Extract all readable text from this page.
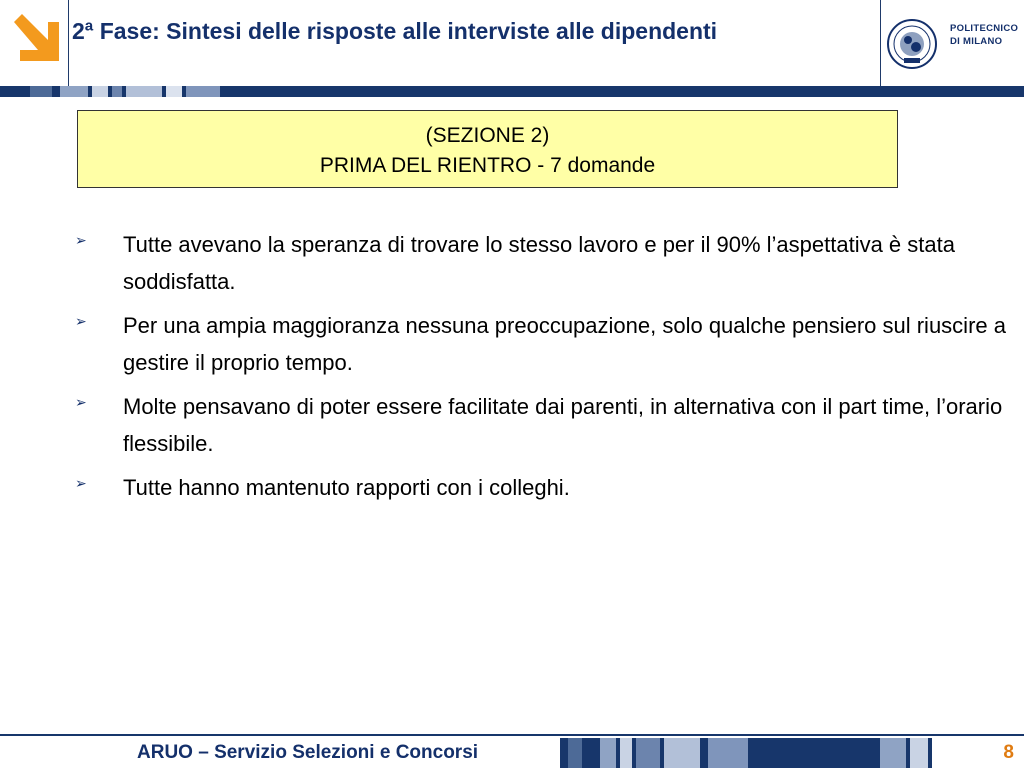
2ª Fase: Sintesi delle risposte alle interviste alle dipendenti	POLITECNICO
DI MILANO
(SEZIONE 2)
PRIMA DEL RIENTRO - 7 domande
➢ Tutte avevano la speranza di trovare lo stesso lavoro e per il 90% l’aspettativa è stata soddisfatta.
➢ Per una ampia maggioranza nessuna preoccupazione, solo qualche pensiero sul riuscire a gestire il proprio tempo.
➢ Molte pensavano di poter essere facilitate dai parenti, in alternativa con il part time, l’orario flessibile.
➢ Tutte hanno mantenuto rapporti con i colleghi.
ARUO – Servizio Selezioni e Concorsi	8
